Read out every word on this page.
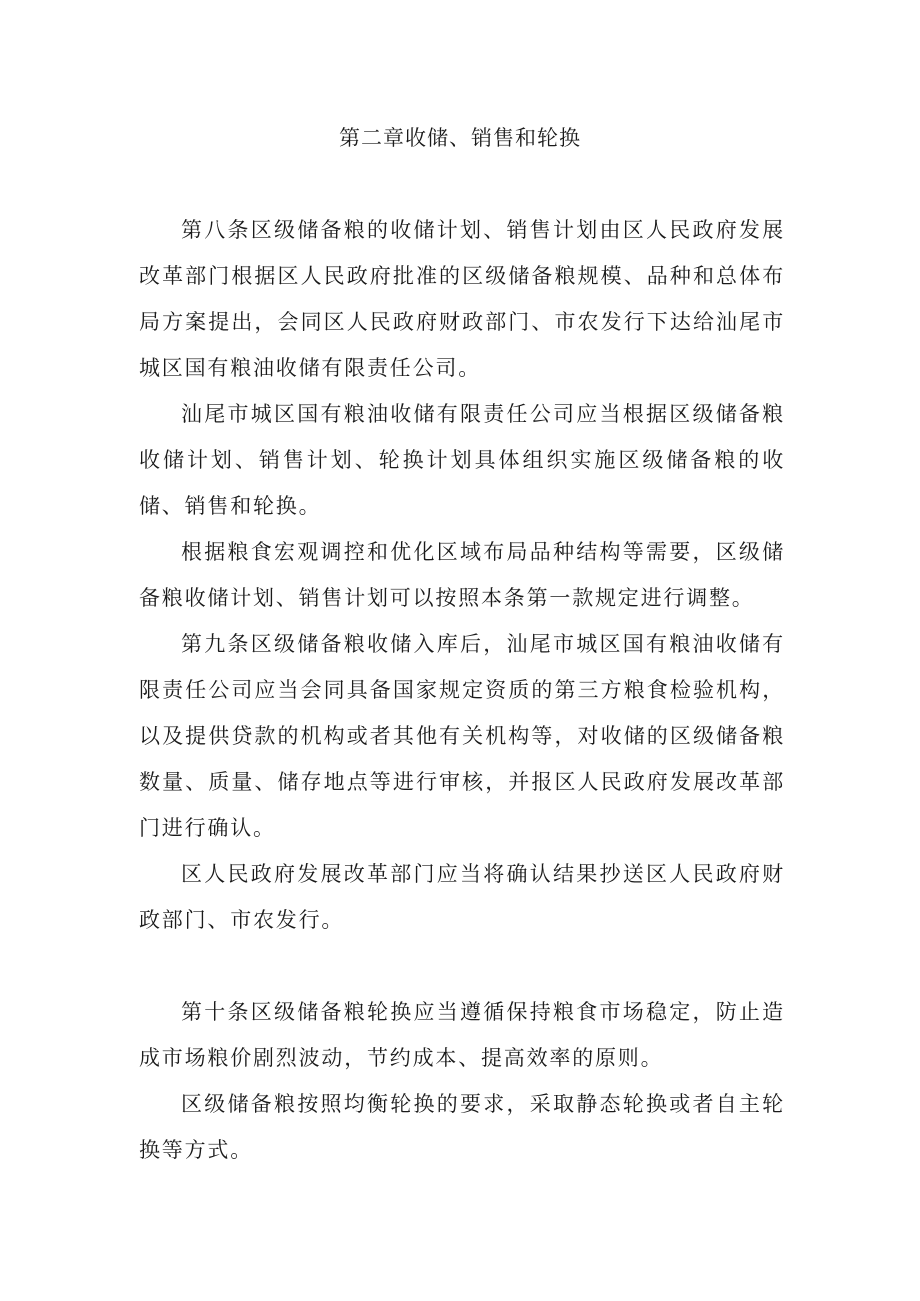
第二章收储、销售和轮换

第八条区级储备粮的收储计划、销售计划由区人民政府发展改革部门根据区人民政府批准的区级储备粮规模、品种和总体布局方案提出，会同区人民政府财政部门、市农发行下达给汕尾市城区国有粮油收储有限责任公司。

汕尾市城区国有粮油收储有限责任公司应当根据区级储备粮收储计划、销售计划、轮换计划具体组织实施区级储备粮的收储、销售和轮换。

根据粮食宏观调控和优化区域布局品种结构等需要，区级储备粮收储计划、销售计划可以按照本条第一款规定进行调整。

第九条区级储备粮收储入库后，汕尾市城区国有粮油收储有限责任公司应当会同具备国家规定资质的第三方粮食检验机构，以及提供贷款的机构或者其他有关机构等，对收储的区级储备粮数量、质量、储存地点等进行审核，并报区人民政府发展改革部门进行确认。

区人民政府发展改革部门应当将确认结果抄送区人民政府财政部门、市农发行。

第十条区级储备粮轮换应当遵循保持粮食市场稳定，防止造成市场粮价剧烈波动，节约成本、提高效率的原则。

区级储备粮按照均衡轮换的要求，采取静态轮换或者自主轮换等方式。
